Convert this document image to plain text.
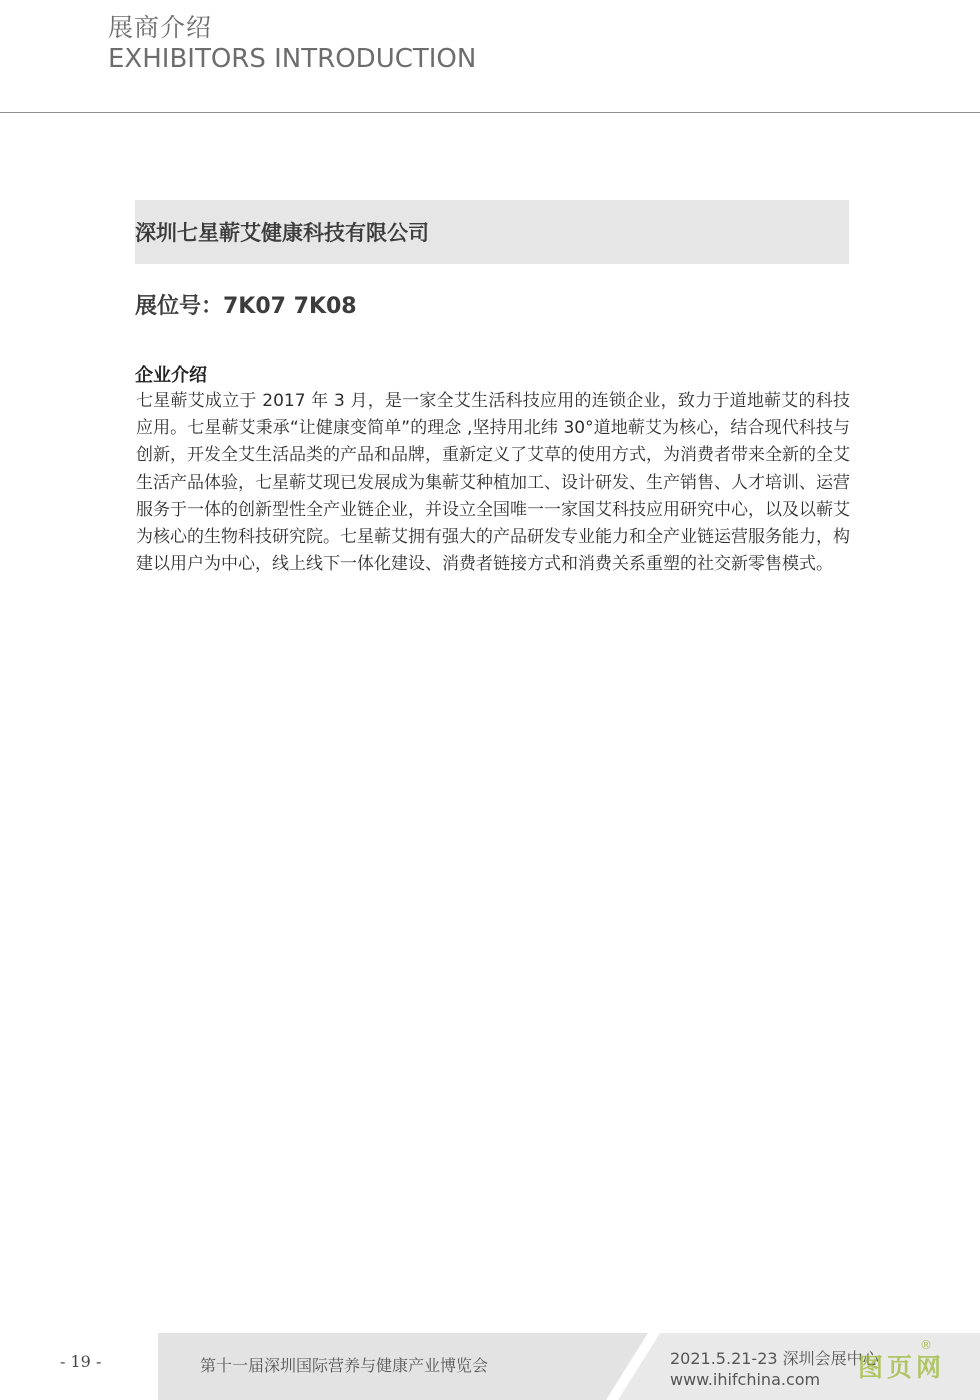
展商介绍
EXHIBITORS INTRODUCTION
深圳七星蕲艾健康科技有限公司

展位号：7K07 7K08

企业介绍

七星蕲艾成立于 2017 年 3 月，是一家全艾生活科技应用的连锁企业，致力于道地蕲艾的科技应用。七星蕲艾秉承“让健康变简单”的理念 ,坚持用北纬 30°道地蕲艾为核心，结合现代科技与创新，开发全艾生活品类的产品和品牌，重新定义了艾草的使用方式，为消费者带来全新的全艾生活产品体验，七星蕲艾现已发展成为集蕲艾种植加工、设计研发、生产销售、人才培训、运营服务于一体的创新型性全产业链企业，并设立全国唯一一家国艾科技应用研究中心，以及以蕲艾为核心的生物科技研究院。七星蕲艾拥有强大的产品研发专业能力和全产业链运营服务能力，构建以用户为中心，线上线下一体化建设、消费者链接方式和消费关系重塑的社交新零售模式。

- 19 -	第十一届深圳国际营养与健康产业博览会	2021.5.21-23 深圳会展中心
www.ihifchina.com 图页网
®
